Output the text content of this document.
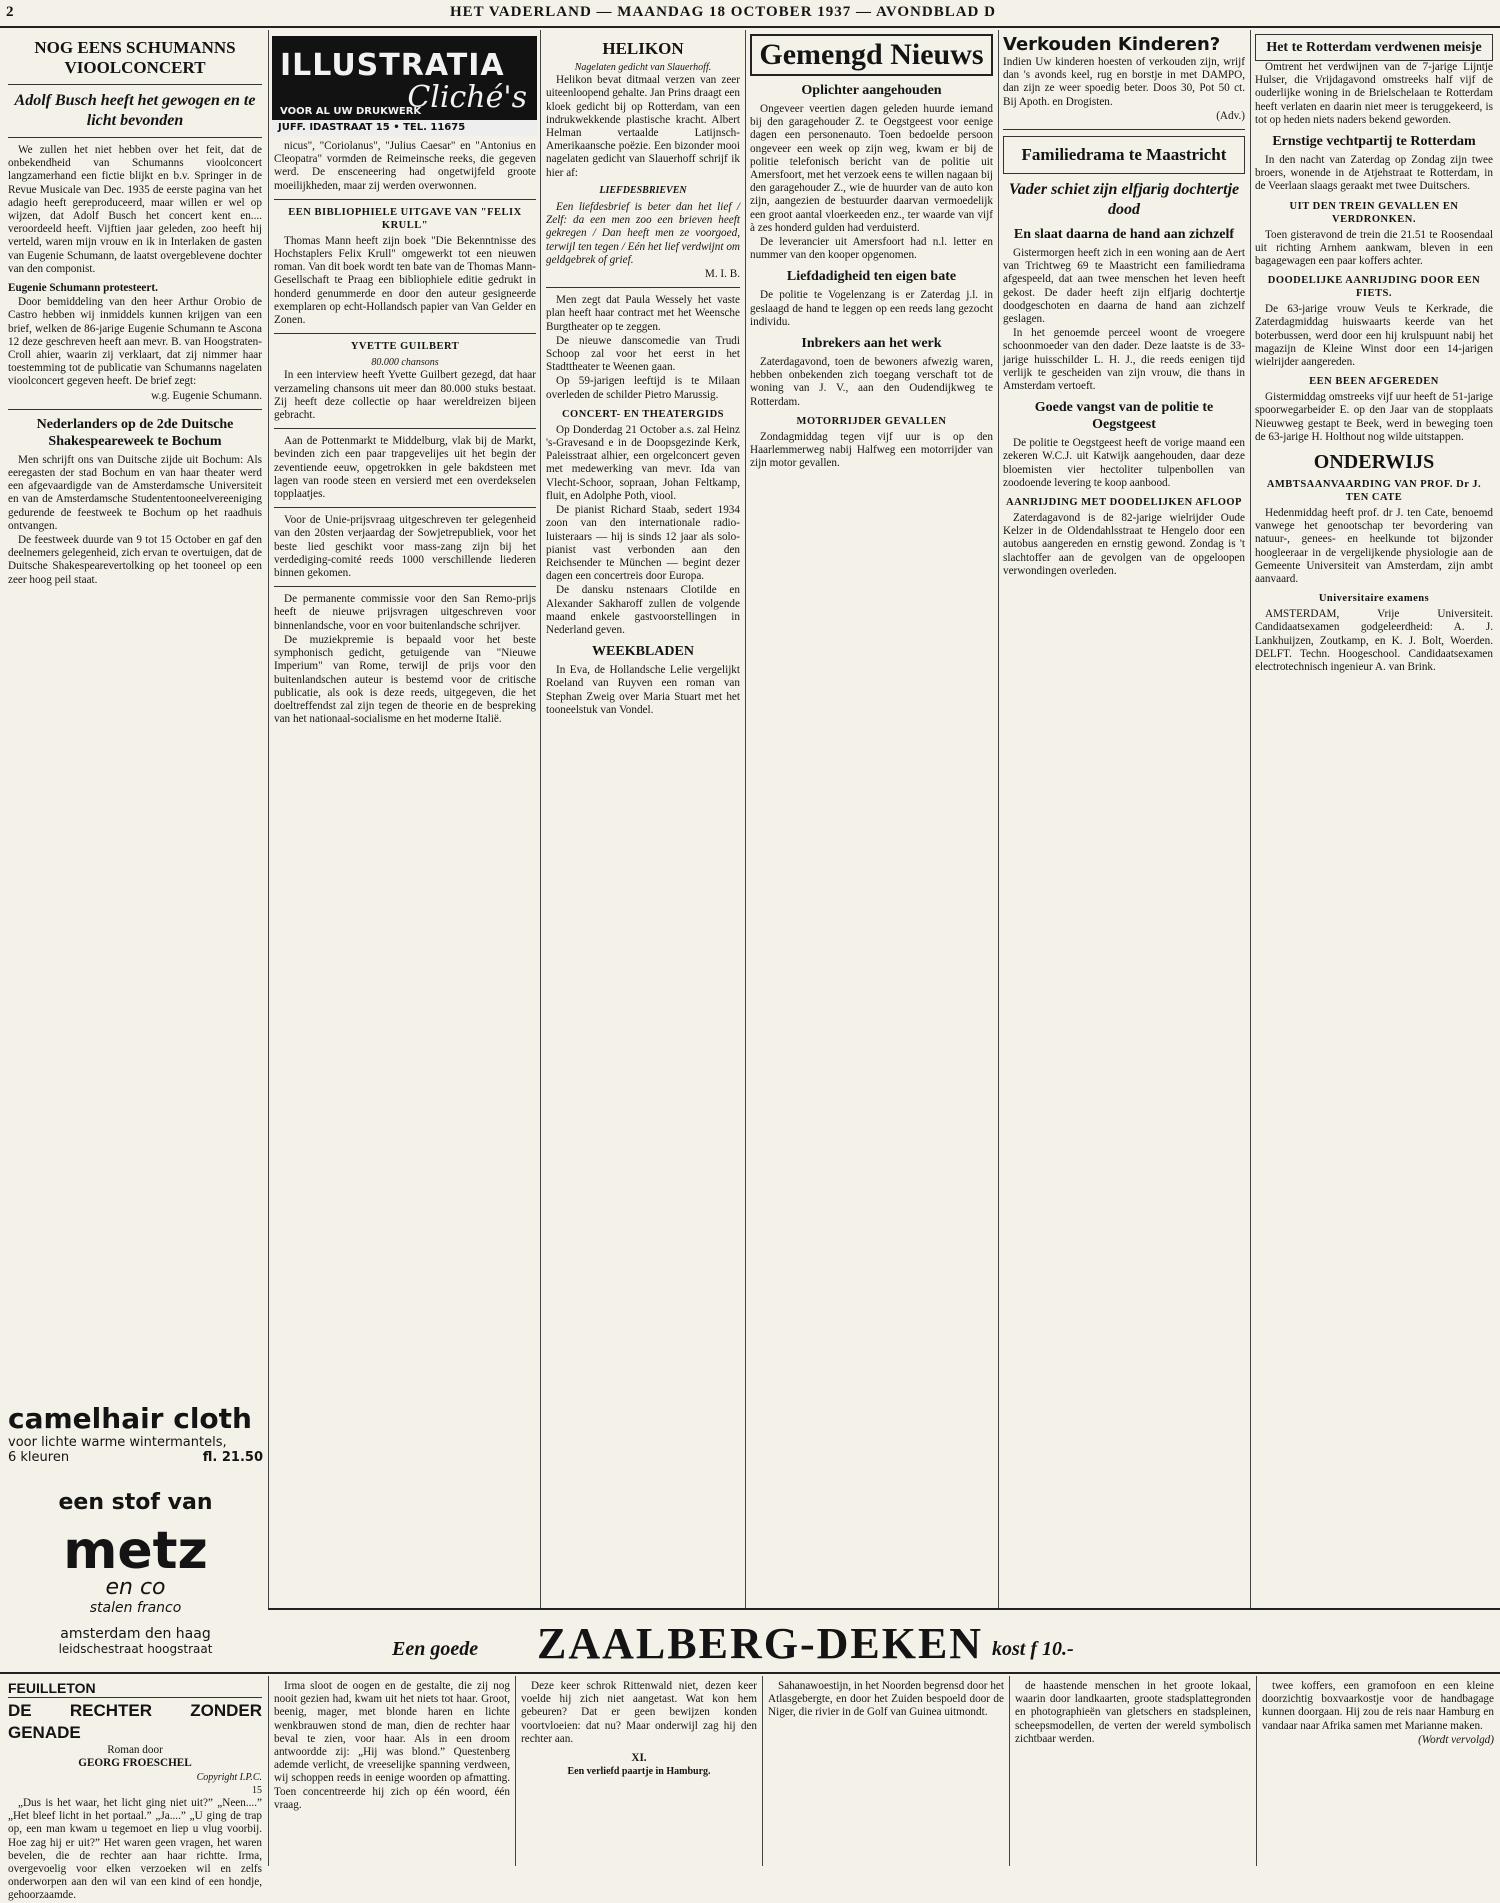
2	HET VADERLAND — MAANDAG 18 OCTOBER 1937 — AVONDBLAD D
NOG EENS SCHUMANNS VIOOLCONCERT
Adolf Busch heeft het gewogen en te licht bevonden

We zullen het niet hebben over het feit, dat de onbekendheid van Schumanns vioolconcert langzamerhand een fictie blijkt en b.v. Springer in de Revue Musicale van Dec. 1935 de eerste pagina van het adagio heeft gereproduceerd, maar willen er wel op wijzen, dat Adolf Busch het concert kent en.... veroordeeld heeft. Vijftien jaar geleden, zoo heeft hij verteld, waren mijn vrouw en ik in Interlaken de gasten van Eugenie Schumann, de laatst overgeblevene dochter van den componist.

Eugenie Schumann protesteert.

Door bemiddeling van den heer Arthur Orobio de Castro hebben wij inmiddels kunnen krijgen van een brief, welken de 86-jarige Eugenie Schumann te Ascona 12 deze geschreven heeft aan mevr. B. van Hoogstraten-Croll ahier, waarin zij verklaart, dat zij nimmer haar toestemming tot de publicatie van Schumanns nagelaten vioolconcert gegeven heeft. De brief zegt:

w.g. Eugenie Schumann.

Nederlanders op de 2de Duitsche Shakespeareweek te Bochum

Men schrijft ons van Duitsche zijde uit Bochum: Als eeregasten der stad Bochum en van haar theater werd een afgevaardigde van de Amsterdamsche Universiteit en van de Amsterdamsche Studententooneelvereeniging gedurende de feestweek te Bochum op het raadhuis ontvangen.

De feestweek duurde van 9 tot 15 October en gaf den deelnemers gelegenheid, zich ervan te overtuigen, dat de Duitsche Shakespearevertolking op het tooneel op een zeer hoog peil staat.

camelhair cloth
voor lichte warme wintermantels,
6 kleuren	fl. 21.50
een stof van
metz
en co
stalen franco
amsterdam den haag
leidschestraat hoogstraat
ILLUSTRATIA
Cliché's
VOOR AL UW DRUKWERK
JUFF. IDASTRAAT 15 • TEL. 11675

nicus", "Coriolanus", "Julius Caesar" en "Antonius en Cleopatra" vormden de Reimeinsche reeks, die gegeven werd. De ensceneering had ongetwijfeld groote moeilijkheden, maar zij werden overwonnen.

EEN BIBLIOPHIELE UITGAVE VAN "FELIX KRULL"

Thomas Mann heeft zijn boek "Die Bekenntnisse des Hochstaplers Felix Krull" omgewerkt tot een nieuwen roman. Van dit boek wordt ten bate van de Thomas Mann-Gesellschaft te Praag een bibliophiele editie gedrukt in honderd genummerde en door den auteur gesigneerde exemplaren op echt-Hollandsch papier van Van Gelder en Zonen.

YVETTE GUILBERT
80.000 chansons

In een interview heeft Yvette Guilbert gezegd, dat haar verzameling chansons uit meer dan 80.000 stuks bestaat. Zij heeft deze collectie op haar wereldreizen bijeen gebracht.

Aan de Pottenmarkt te Middelburg, vlak bij de Markt, bevinden zich een paar trapgevelijes uit het begin der zeventiende eeuw, opgetrokken in gele bakdsteen met lagen van roode steen en versierd met een overdekselen topplaatjes.

Voor de Unie-prijsvraag uitgeschreven ter gelegenheid van den 20sten verjaardag der Sowjetrepubliek, voor het beste lied geschikt voor mass-zang zijn bij het verdediging-comité reeds 1000 verschillende liederen binnen gekomen.

De permanente commissie voor den San Remo-prijs heeft de nieuwe prijsvragen uitgeschreven voor binnenlandsche, voor en voor buitenlandsche schrijver.

De muziekpremie is bepaald voor het beste symphonisch gedicht, getuigende van "Nieuwe Imperium" van Rome, terwijl de prijs voor den buitenlandschen auteur is bestemd voor de critische publicatie, als ook is deze reeds, uitgegeven, die het doeltreffendst zal zijn tegen de theorie en de bespreking van het nationaal-socialisme en het moderne Italië.

HELIKON
Nagelaten gedicht van Slauerhoff.

Helikon bevat ditmaal verzen van zeer uiteenloopend gehalte. Jan Prins draagt een kloek gedicht bij op Rotterdam, van een indrukwekkende plastische kracht. Albert Helman vertaalde Latijnsch-Amerikaansche poëzie. Een bizonder mooi nagelaten gedicht van Slauerhoff schrijf ik hier af:

LIEFDESBRIEVEN

Een liefdesbrief is beter dan het lief / Zelf: da een men zoo een brieven heeft gekregen / Dan heeft men ze voorgoed, terwijl ten tegen / Eén het lief verdwijnt om geldgebrek of grief.

M. I. B.

Men zegt dat Paula Wessely het vaste plan heeft haar contract met het Weensche Burgtheater op te zeggen.

De nieuwe danscomedie van Trudi Schoop zal voor het eerst in het Stadttheater te Weenen gaan.

Op 59-jarigen leeftijd is te Milaan overleden de schilder Pietro Marussig.

CONCERT- EN THEATERGIDS

Op Donderdag 21 October a.s. zal Heinz 's-Gravesand e in de Doopsgezinde Kerk, Paleisstraat alhier, een orgelconcert geven met medewerking van mevr. Ida van Vlecht-Schoor, sopraan, Johan Feltkamp, fluit, en Adolphe Poth, viool.

De pianist Richard Staab, sedert 1934 zoon van den internationale radio-luisteraars — hij is sinds 12 jaar als solo-pianist vast verbonden aan den Reichsender te München — begint dezer dagen een concertreis door Europa.

De dansku nstenaars Clotilde en Alexander Sakharoff zullen de volgende maand enkele gastvoorstellingen in Nederland geven.

WEEKBLADEN

In Eva, de Hollandsche Lelie vergelijkt Roeland van Ruyven een roman van Stephan Zweig over Maria Stuart met het tooneelstuk van Vondel.

Gemengd Nieuws
Oplichter aangehouden

Ongeveer veertien dagen geleden huurde iemand bij den garagehouder Z. te Oegstgeest voor eenige dagen een personenauto. Toen bedoelde persoon ongeveer een week op zijn weg, kwam er bij de politie telefonisch bericht van de politie uit Amersfoort, met het verzoek eens te willen nagaan bij den garagehouder Z., wie de huurder van de auto kon zijn, aangezien de bestuurder daarvan vermoedelijk een groot aantal vloerkeeden enz., ter waarde van vijf à zes honderd gulden had verduisterd.

De leverancier uit Amersfoort had n.l. letter en nummer van den kooper opgenomen.

Liefdadigheid ten eigen bate

De politie te Vogelenzang is er Zaterdag j.l. in geslaagd de hand te leggen op een reeds lang gezocht individu.

Inbrekers aan het werk

Zaterdagavond, toen de bewoners afwezig waren, hebben onbekenden zich toegang verschaft tot de woning van J. V., aan den Oudendijkweg te Rotterdam.

MOTORRIJDER GEVALLEN

Zondagmiddag tegen vijf uur is op den Haarlemmerweg nabij Halfweg een motorrijder van zijn motor gevallen.

Verkouden Kinderen?

Indien Uw kinderen hoesten of verkouden zijn, wrijf dan 's avonds keel, rug en borstje in met DAMPO, dan zijn ze weer spoedig beter. Doos 30, Pot 50 ct. Bij Apoth. en Drogisten.

(Adv.)

Familiedrama te Maastricht
Vader schiet zijn elfjarig dochtertje dood
En slaat daarna de hand aan zichzelf

Gistermorgen heeft zich in een woning aan de Aert van Trichtweg 69 te Maastricht een familiedrama afgespeeld, dat aan twee menschen het leven heeft gekost. De dader heeft zijn elfjarig dochtertje doodgeschoten en daarna de hand aan zichzelf geslagen.

In het genoemde perceel woont de vroegere schoonmoeder van den dader. Deze laatste is de 33-jarige huisschilder L. H. J., die reeds eenigen tijd verlijk te gescheiden van zijn vrouw, die thans in Amsterdam vertoeft.

Goede vangst van de politie te Oegstgeest

De politie te Oegstgeest heeft de vorige maand een zekeren W.C.J. uit Katwijk aangehouden, daar deze bloemisten vier hectoliter tulpenbollen van zoodoende levering te koop aanbood.

AANRIJDING MET DOODELIJKEN AFLOOP

Zaterdagavond is de 82-jarige wielrijder Oude Kelzer in de Oldendahlsstraat te Hengelo door een autobus aangereden en ernstig gewond. Zondag is 't slachtoffer aan de gevolgen van de opgeloopen verwondingen overleden.

Het te Rotterdam verdwenen meisje

Omtrent het verdwijnen van de 7-jarige Lijntje Hulser, die Vrijdagavond omstreeks half vijf de ouderlijke woning in de Brielschelaan te Rotterdam heeft verlaten en daarin niet meer is teruggekeerd, is tot op heden niets naders bekend geworden.

Ernstige vechtpartij te Rotterdam

In den nacht van Zaterdag op Zondag zijn twee broers, wonende in de Atjehstraat te Rotterdam, in de Veerlaan slaags geraakt met twee Duitschers.

UIT DEN TREIN GEVALLEN EN VERDRONKEN.

Toen gisteravond de trein die 21.51 te Roosendaal uit richting Arnhem aankwam, bleven in een bagagewagen een paar koffers achter.

DOODELIJKE AANRIJDING DOOR EEN FIETS.

De 63-jarige vrouw Veuls te Kerkrade, die Zaterdagmiddag huiswaarts keerde van het boterbussen, werd door een hij krulspuunt nabij het magazijn de Kleine Winst door een 14-jarigen wielrijder aangereden.

EEN BEEN AFGEREDEN

Gistermiddag omstreeks vijf uur heeft de 51-jarige spoorwegarbeider E. op den Jaar van de stopplaats Nieuwweg gestapt te Beek, werd in beweging toen de 63-jarige H. Holthout nog wilde uitstappen.

ONDERWIJS
AMBTSAANVAARDING VAN PROF. Dr J. TEN CATE

Hedenmiddag heeft prof. dr J. ten Cate, benoemd vanwege het genootschap ter bevordering van natuur-, genees- en heelkunde tot bijzonder hoogleeraar in de vergelijkende physiologie aan de Gemeente Universiteit van Amsterdam, zijn ambt aanvaard.

Universitaire examens

AMSTERDAM, Vrije Universiteit. Candidaatsexamen godgeleerdheid: A. J. Lankhuijzen, Zoutkamp, en K. J. Bolt, Woerden. DELFT. Techn. Hoogeschool. Candidaatsexamen electrotechnisch ingenieur A. van Brink.

Een goede ZAALBERG-DEKEN kost f 10.-
FEUILLETON
DE RECHTER ZONDER GENADE
Roman door
GEORG FROESCHEL
Copyright I.P.C.
15

„Dus is het waar, het licht ging niet uit?” „Neen....” „Het bleef licht in het portaal.” „Ja....” „U ging de trap op, een man kwam u tegemoet en liep u vlug voorbij. Hoe zag hij er uit?” Het waren geen vragen, het waren bevelen, die de rechter aan haar richtte. Irma, overgevoelig voor elken verzoeken wil en zelfs onderworpen aan den wil van een kind of een hondje, gehoorzaamde.

Irma sloot de oogen en de gestalte, die zij nog nooit gezien had, kwam uit het niets tot haar. Groot, beenig, mager, met blonde haren en lichte wenkbrauwen stond de man, dien de rechter haar beval te zien, voor haar. Als in een droom antwoordde zij: „Hij was blond.” Questenberg ademde verlicht, de vreeselijke spanning verdween, wij schoppen reeds in eenige woorden op afmatting. Toen concentreerde hij zich op één woord, één vraag.

Deze keer schrok Rittenwald niet, dezen keer voelde hij zich niet aangetast. Wat kon hem gebeuren? Dat er geen bewijzen konden voortvloeien: dat nu? Maar onderwijl zag hij den rechter aan.

XI.
Een verliefd paartje in Hamburg.

Sahanawoestijn, in het Noorden begrensd door het Atlasgebergte, en door het Zuiden bespoeld door de Niger, die rivier in de Golf van Guinea uitmondt.

de haastende menschen in het groote lokaal, waarin door landkaarten, groote stadsplattegronden en photographieën van gletschers en stadspleinen, scheepsmodellen, de verten der wereld symbolisch zichtbaar werden.

twee koffers, een gramofoon en een kleine doorzichtig boxvaarkostje voor de handbagage kunnen doorgaan. Hij zou de reis naar Hamburg en vandaar naar Afrika samen met Marianne maken.

(Wordt vervolgd)
